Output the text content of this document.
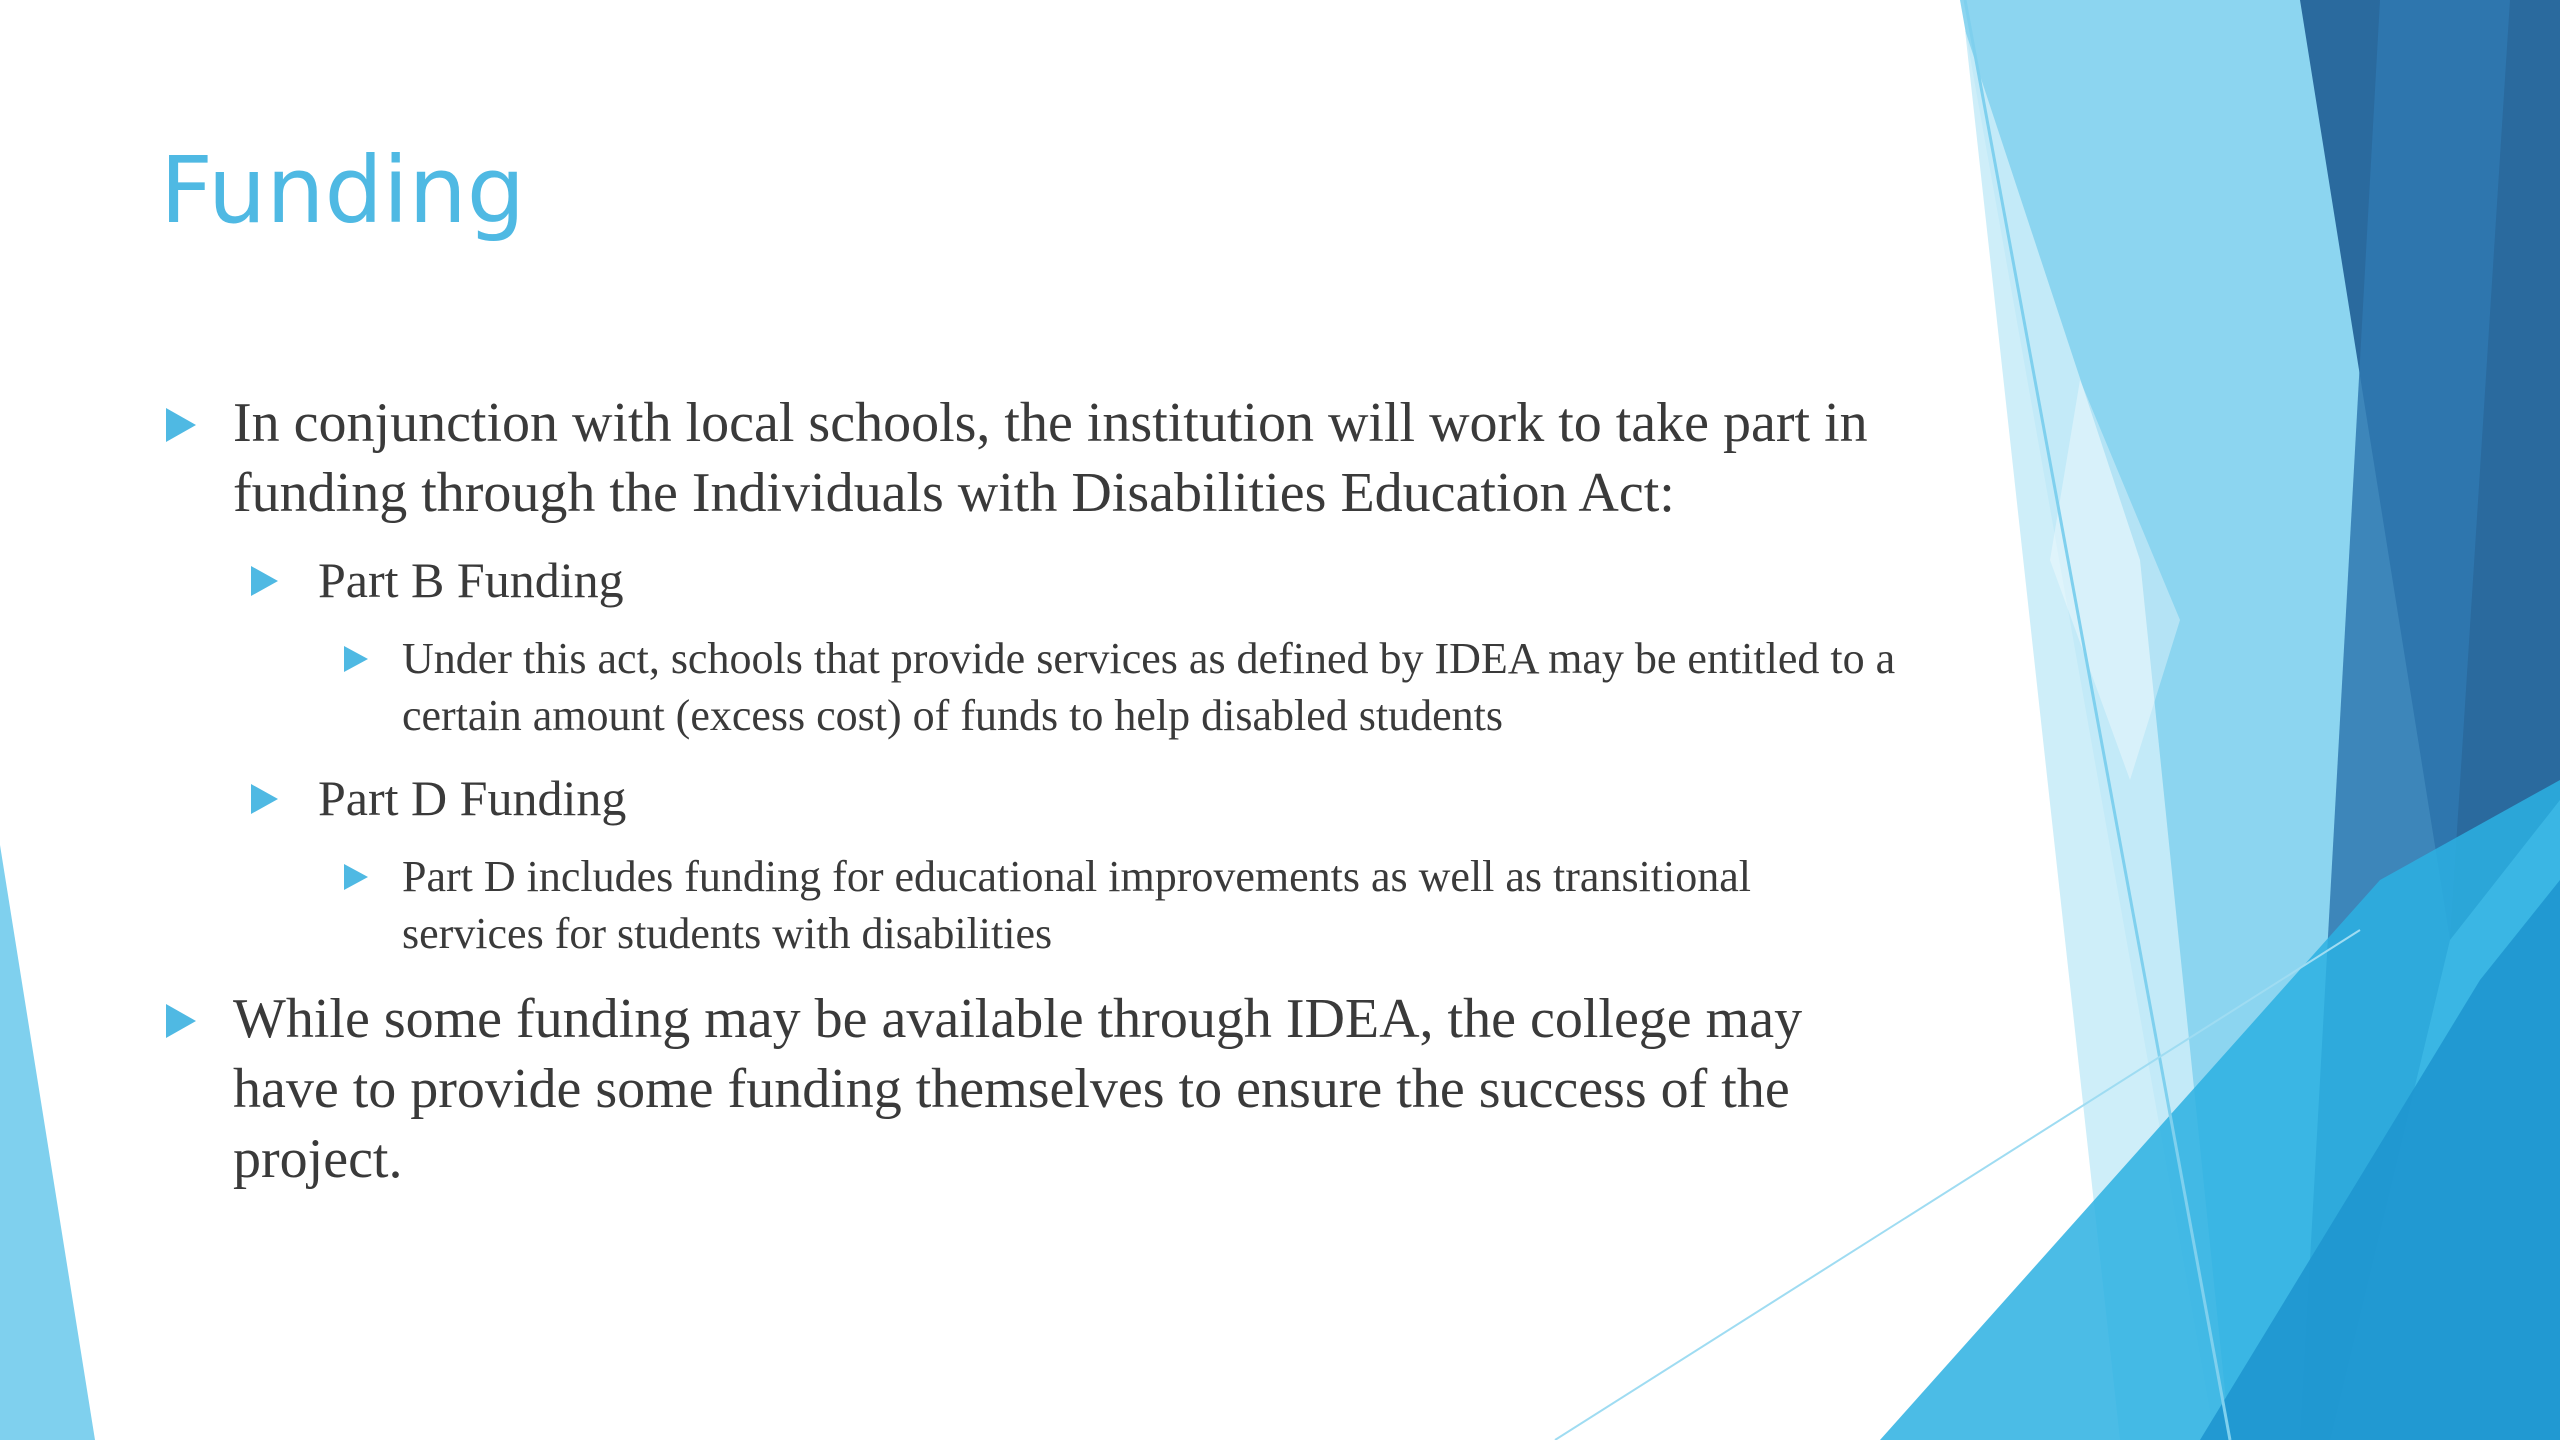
Funding

In conjunction with local schools, the institution will work to take part in funding through the Individuals with Disabilities Education Act:

Part B Funding

Under this act, schools that provide services as defined by IDEA may be entitled to a certain amount (excess cost) of funds to help disabled students

Part D Funding

Part D includes funding for educational improvements as well as transitional services for students with disabilities

While some funding may be available through IDEA, the college may have to provide some funding themselves to ensure the success of the project.
